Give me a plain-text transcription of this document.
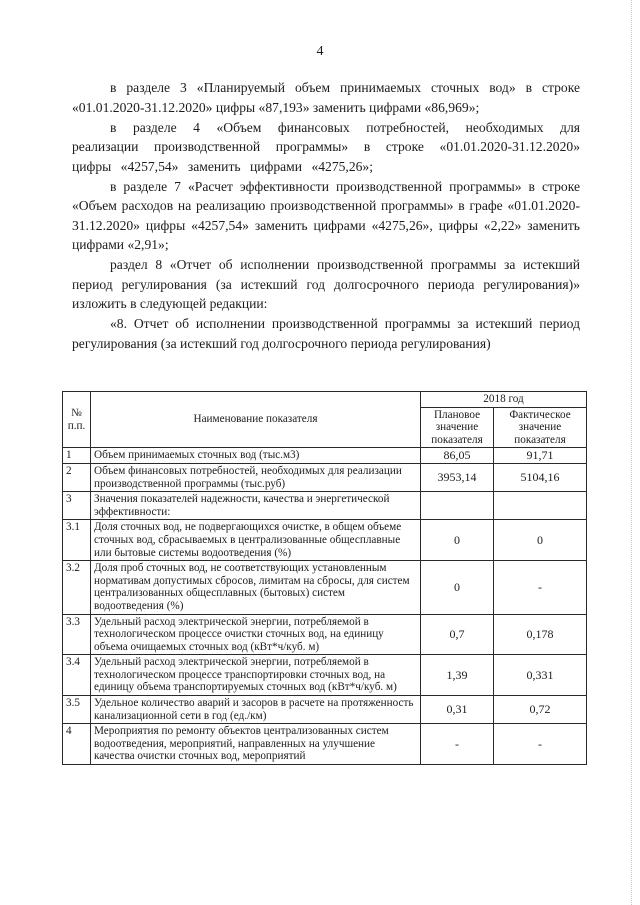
4

в разделе 3 «Планируемый объем принимаемых сточных вод» в строке «01.01.2020-31.12.2020» цифры «87,193» заменить цифрами «86,969»;

в разделе 4 «Объем финансовых потребностей, необходимых для реализации производственной программы» в строке «01.01.2020-31.12.2020» цифры «4257,54» заменить цифрами «4275,26»;

в разделе 7 «Расчет эффективности производственной программы» в строке «Объем расходов на реализацию производственной программы» в графе «01.01.2020-31.12.2020» цифры «4257,54» заменить цифрами «4275,26», цифры «2,22» заменить цифрами «2,91»;

раздел 8 «Отчет об исполнении производственной программы за истекший период регулирования (за истекший год долгосрочного периода регулирования)» изложить в следующей редакции:

«8. Отчет об исполнении производственной программы за истекший период регулирования (за истекший год долгосрочного периода регулирования)

№ п.п.	Наименование показателя	2018 год	
		Плановое значение показателя	Фактическое значение показателя
1	Объем принимаемых сточных вод (тыс.м3)	86,05	91,71
2	Объем финансовых потребностей, необходимых для реализации производственной программы (тыс.руб)	3953,14	5104,16
3	Значения показателей надежности, качества и энергетической эффективности:		
3.1	Доля сточных вод, не подвергающихся очистке, в общем объеме сточных вод, сбрасываемых в централизованные общесплавные или бытовые системы водоотведения (%)	0	0
3.2	Доля проб сточных вод, не соответствующих установленным нормативам допустимых сбросов, лимитам на сбросы, для систем централизованных общесплавных (бытовых) систем водоотведения (%)	0	-
3.3	Удельный расход электрической энергии, потребляемой в технологическом процессе очистки сточных вод, на единицу объема очищаемых сточных вод (кВт*ч/куб. м)	0,7	0,178
3.4	Удельный расход электрической энергии, потребляемой в технологическом процессе транспортировки сточных вод, на единицу объема транспортируемых сточных вод (кВт*ч/куб. м)	1,39	0,331
3.5	Удельное количество аварий и засоров в расчете на протяженность канализационной сети в год (ед./км)	0,31	0,72
4	Мероприятия по ремонту объектов централизованных систем водоотведения, мероприятий, направленных на улучшение качества очистки сточных вод, мероприятий	-	-
